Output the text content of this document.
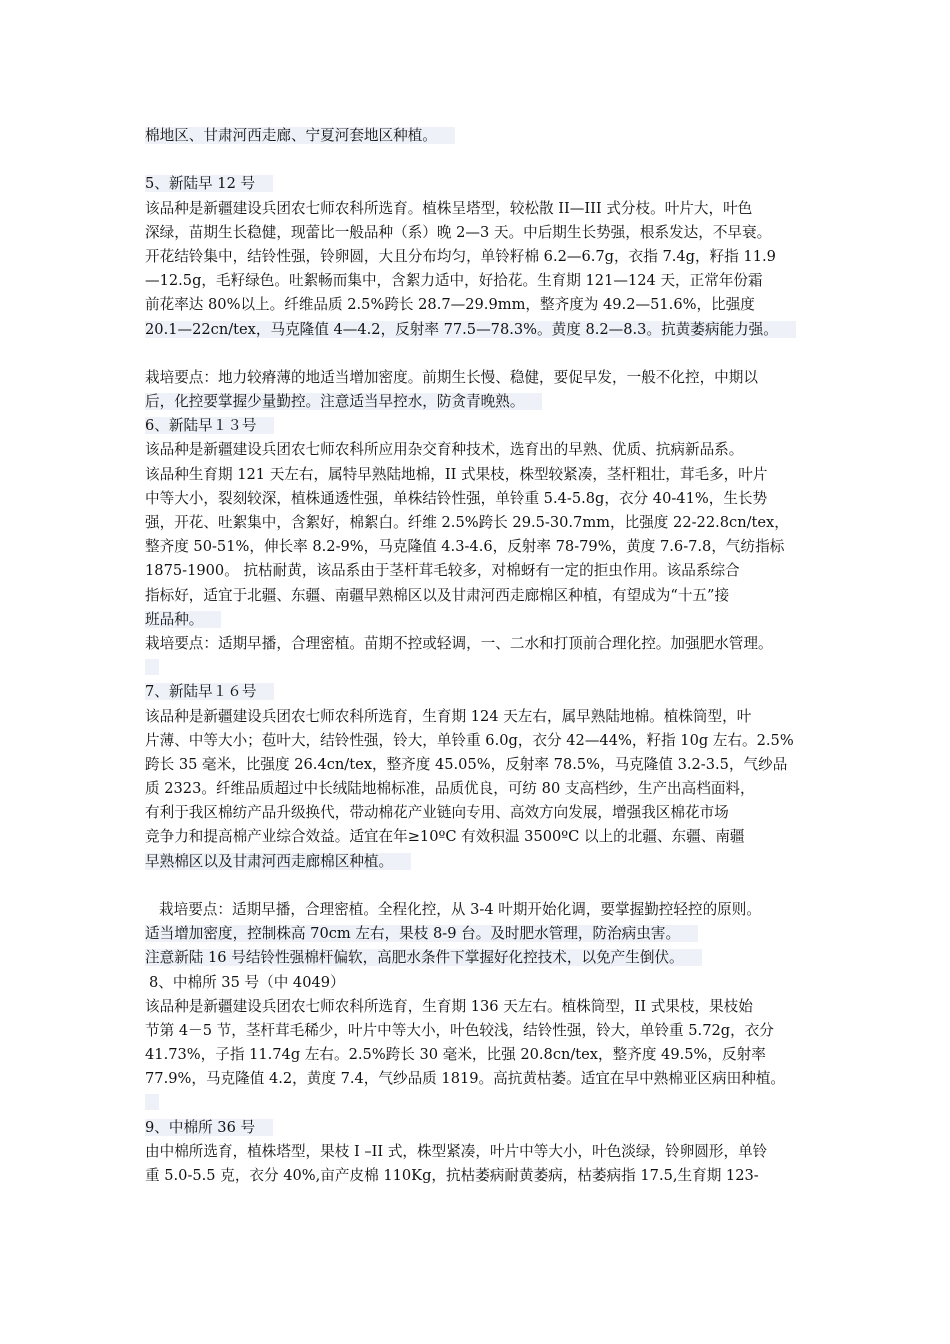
棉地区、甘肃河西走廊、宁夏河套地区种植。
5、新陆早 12 号
该品种是新疆建设兵团农七师农科所选育。植株呈塔型，较松散 II—III 式分枝。叶片大，叶色
深绿，苗期生长稳健，现蕾比一般品种（系）晚 2—3 天。中后期生长势强，根系发达，不早衰。
开花结铃集中，结铃性强，铃卵圆，大且分布均匀，单铃籽棉 6.2—6.7g，衣指 7.4g，籽指 11.9
—12.5g，毛籽绿色。吐絮畅而集中，含絮力适中，好拾花。生育期 121—124 天，正常年份霜
前花率达 80%以上。纤维品质 2.5%跨长 28.7—29.9mm，整齐度为 49.2—51.6%，比强度
20.1—22cn/tex，马克隆值 4—4.2，反射率 77.5—78.3%。黄度 8.2—8.3。抗黄萎病能力强。
栽培要点：地力较瘠薄的地适当增加密度。前期生长慢、稳健，要促早发，一般不化控，中期以
后，化控要掌握少量勤控。注意适当早控水，防贪青晚熟。
6、新陆早１３号
该品种是新疆建设兵团农七师农科所应用杂交育种技术，选育出的早熟、优质、抗病新品系。
该品种生育期 121 天左右，属特早熟陆地棉，II 式果枝，株型较紧凑，茎杆粗壮，茸毛多，叶片
中等大小，裂刻较深，植株通透性强，单株结铃性强，单铃重 5.4-5.8g，衣分 40-41%，生长势
强，开花、吐絮集中，含絮好，棉絮白。纤维 2.5%跨长 29.5-30.7mm，比强度 22-22.8cn/tex，
整齐度 50-51%，伸长率 8.2-9%，马克隆值 4.3-4.6，反射率 78-79%，黄度 7.6-7.8，气纺指标
1875-1900。 抗枯耐黄，该品系由于茎杆茸毛较多，对棉蚜有一定的拒虫作用。该品系综合
指标好，适宜于北疆、东疆、南疆早熟棉区以及甘肃河西走廊棉区种植，有望成为“十五”接
班品种。
栽培要点：适期早播，合理密植。苗期不控或轻调，一、二水和打顶前合理化控。加强肥水管理。
7、新陆早１６号
该品种是新疆建设兵团农七师农科所选育，生育期 124 天左右，属早熟陆地棉。植株筒型，叶
片薄、中等大小；苞叶大，结铃性强，铃大，单铃重 6.0g，衣分 42—44%，籽指 10g 左右。2.5%
跨长 35 毫米，比强度 26.4cn/tex，整齐度 45.05%，反射率 78.5%，马克隆值 3.2-3.5，气纱品
质 2323。纤维品质超过中长绒陆地棉标准，品质优良，可纺 80 支高档纱，生产出高档面料，
有利于我区棉纺产品升级换代，带动棉花产业链向专用、高效方向发展，增强我区棉花市场
竞争力和提高棉产业综合效益。适宜在年≥10ºC 有效积温 3500ºC 以上的北疆、东疆、南疆
早熟棉区以及甘肃河西走廊棉区种植。
栽培要点：适期早播，合理密植。全程化控，从 3-4 叶期开始化调，要掌握勤控轻控的原则。
适当增加密度，控制株高 70cm 左右，果枝 8-9 台。及时肥水管理，防治病虫害。
注意新陆 16 号结铃性强棉杆偏软，高肥水条件下掌握好化控技术，以免产生倒伏。
8、中棉所 35 号（中 4049）
该品种是新疆建设兵团农七师农科所选育，生育期 136 天左右。植株筒型，II 式果枝，果枝始
节第 4－5 节，茎杆茸毛稀少，叶片中等大小，叶色较浅，结铃性强，铃大，单铃重 5.72g，衣分
41.73%，子指 11.74g 左右。2.5%跨长 30 毫米，比强 20.8cn/tex，整齐度 49.5%，反射率
77.9%，马克隆值 4.2，黄度 7.4，气纱品质 1819。高抗黄枯萎。适宜在早中熟棉亚区病田种植。
9、中棉所 36 号
由中棉所选育，植株塔型，果枝 I –II 式，株型紧凑，叶片中等大小，叶色淡绿，铃卵圆形，单铃
重 5.0-5.5 克，衣分 40%,亩产皮棉 110Kg，抗枯萎病耐黄萎病，枯萎病指 17.5,生育期 123-
